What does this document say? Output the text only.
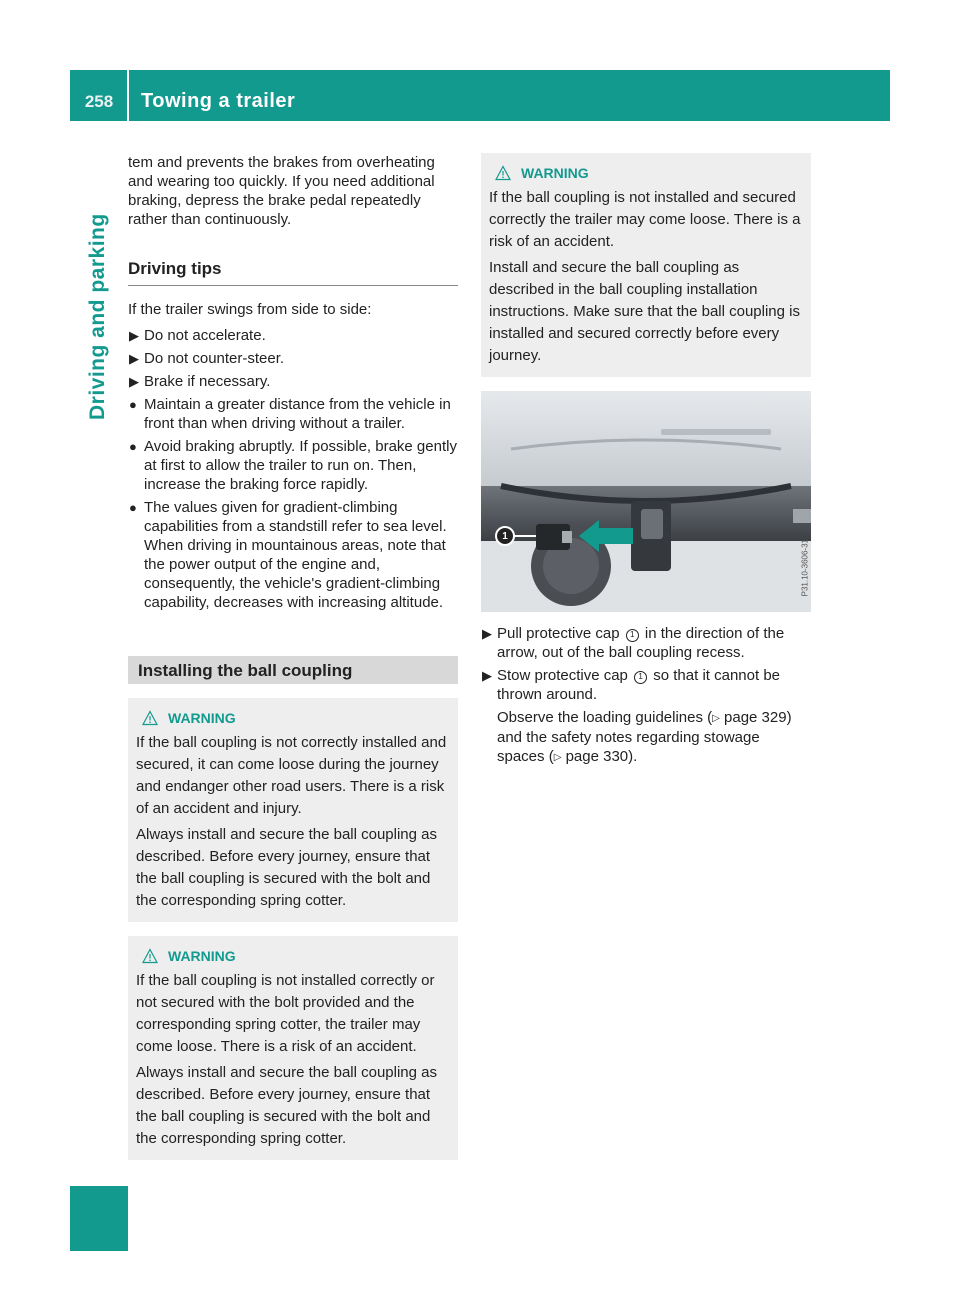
258	Towing a trailer
Driving and parking

tem and prevents the brakes from overheating and wearing too quickly. If you need additional braking, depress the brake pedal repeatedly rather than continuously.

Driving tips

If the trailer swings from side to side:

▶ Do not accelerate.
▶ Do not counter-steer.
▶ Brake if necessary.
● Maintain a greater distance from the vehicle in front than when driving without a trailer.
● Avoid braking abruptly. If possible, brake gently at first to allow the trailer to run on. Then, increase the braking force rapidly.
● The values given for gradient-climbing capabilities from a standstill refer to sea level. When driving in mountainous areas, note that the power output of the engine and, consequently, the vehicle's gradient-climbing capability, decreases with increasing altitude.
Installing the ball coupling
WARNING

If the ball coupling is not correctly installed and secured, it can come loose during the journey and endanger other road users. There is a risk of an accident and injury.

Always install and secure the ball coupling as described. Before every journey, ensure that the ball coupling is secured with the bolt and the corresponding spring cotter.

WARNING

If the ball coupling is not installed correctly or not secured with the bolt provided and the corresponding spring cotter, the trailer may come loose. There is a risk of an accident.

Always install and secure the ball coupling as described. Before every journey, ensure that the ball coupling is secured with the bolt and the corresponding spring cotter.

WARNING

If the ball coupling is not installed and secured correctly the trailer may come loose. There is a risk of an accident.

Install and secure the ball coupling as described in the ball coupling installation instructions. Make sure that the ball coupling is installed and secured correctly before every journey.

1
P31.10-3606-31
▶ Pull protective cap 1 in the direction of the arrow, out of the ball coupling recess.
▶ Stow protective cap 1 so that it cannot be thrown around.

Observe the loading guidelines (▷ page 329) and the safety notes regarding stowage spaces (▷ page 330).
